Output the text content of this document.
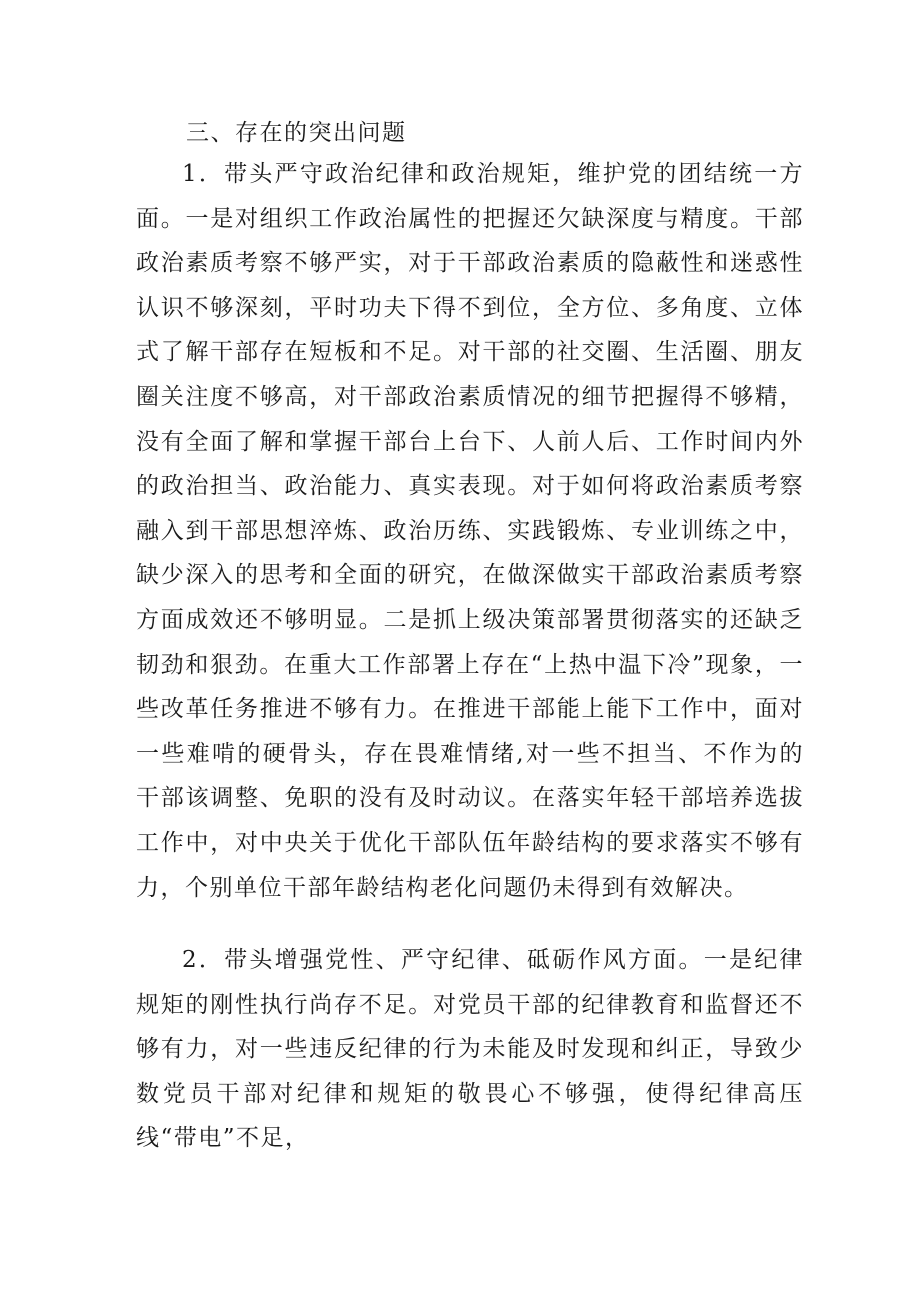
三、存在的突出问题

1．带头严守政治纪律和政治规矩，维护党的团结统一方面。一是对组织工作政治属性的把握还欠缺深度与精度。干部政治素质考察不够严实，对于干部政治素质的隐蔽性和迷惑性认识不够深刻，平时功夫下得不到位，全方位、多角度、立体式了解干部存在短板和不足。对干部的社交圈、生活圈、朋友圈关注度不够高，对干部政治素质情况的细节把握得不够精，没有全面了解和掌握干部台上台下、人前人后、工作时间内外的政治担当、政治能力、真实表现。对于如何将政治素质考察融入到干部思想淬炼、政治历练、实践锻炼、专业训练之中，缺少深入的思考和全面的研究，在做深做实干部政治素质考察方面成效还不够明显。二是抓上级决策部署贯彻落实的还缺乏韧劲和狠劲。在重大工作部署上存在“上热中温下冷”现象，一些改革任务推进不够有力。在推进干部能上能下工作中，面对一些难啃的硬骨头，存在畏难情绪,对一些不担当、不作为的干部该调整、免职的没有及时动议。在落实年轻干部培养选拔工作中，对中央关于优化干部队伍年龄结构的要求落实不够有力，个别单位干部年龄结构老化问题仍未得到有效解决。

2．带头增强党性、严守纪律、砥砺作风方面。一是纪律规矩的刚性执行尚存不足。对党员干部的纪律教育和监督还不够有力，对一些违反纪律的行为未能及时发现和纠正，导致少数党员干部对纪律和规矩的敬畏心不够强，使得纪律高压线“带电”不足，
